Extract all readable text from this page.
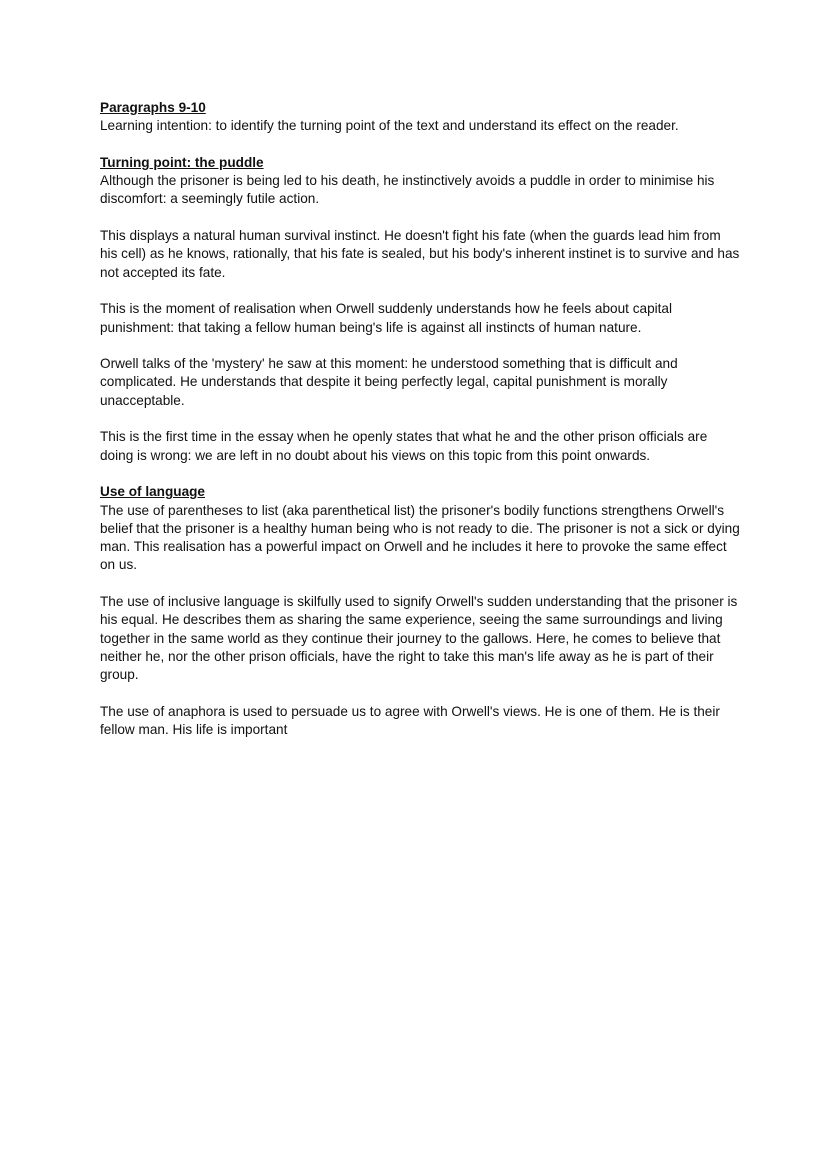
Paragraphs 9-10

Learning intention: to identify the turning point of the text and understand its effect on the reader.

Turning point: the puddle

Although the prisoner is being led to his death, he instinctively avoids a puddle in order to minimise his discomfort: a seemingly futile action.

This displays a natural human survival instinct. He doesn't fight his fate (when the guards lead him from his cell) as he knows, rationally, that his fate is sealed, but his body's inherent instinet is to survive and has not accepted its fate.

This is the moment of realisation when Orwell suddenly understands how he feels about capital punishment: that taking a fellow human being's life is against all instincts of human nature.

Orwell talks of the 'mystery' he saw at this moment: he understood something that is difficult and complicated. He understands that despite it being perfectly legal, capital punishment is morally unacceptable.

This is the first time in the essay when he openly states that what he and the other prison officials are doing is wrong: we are left in no doubt about his views on this topic from this point onwards.

Use of language

The use of parentheses to list (aka parenthetical list) the prisoner's bodily functions strengthens Orwell's belief that the prisoner is a healthy human being who is not ready to die. The prisoner is not a sick or dying man. This realisation has a powerful impact on Orwell and he includes it here to provoke the same effect on us.

The use of inclusive language is skilfully used to signify Orwell's sudden understanding that the prisoner is his equal. He describes them as sharing the same experience, seeing the same surroundings and living together in the same world as they continue their journey to the gallows. Here, he comes to believe that neither he, nor the other prison officials, have the right to take this man's life away as he is part of their group.

The use of anaphora is used to persuade us to agree with Orwell's views. He is one of them. He is their fellow man. His life is important
